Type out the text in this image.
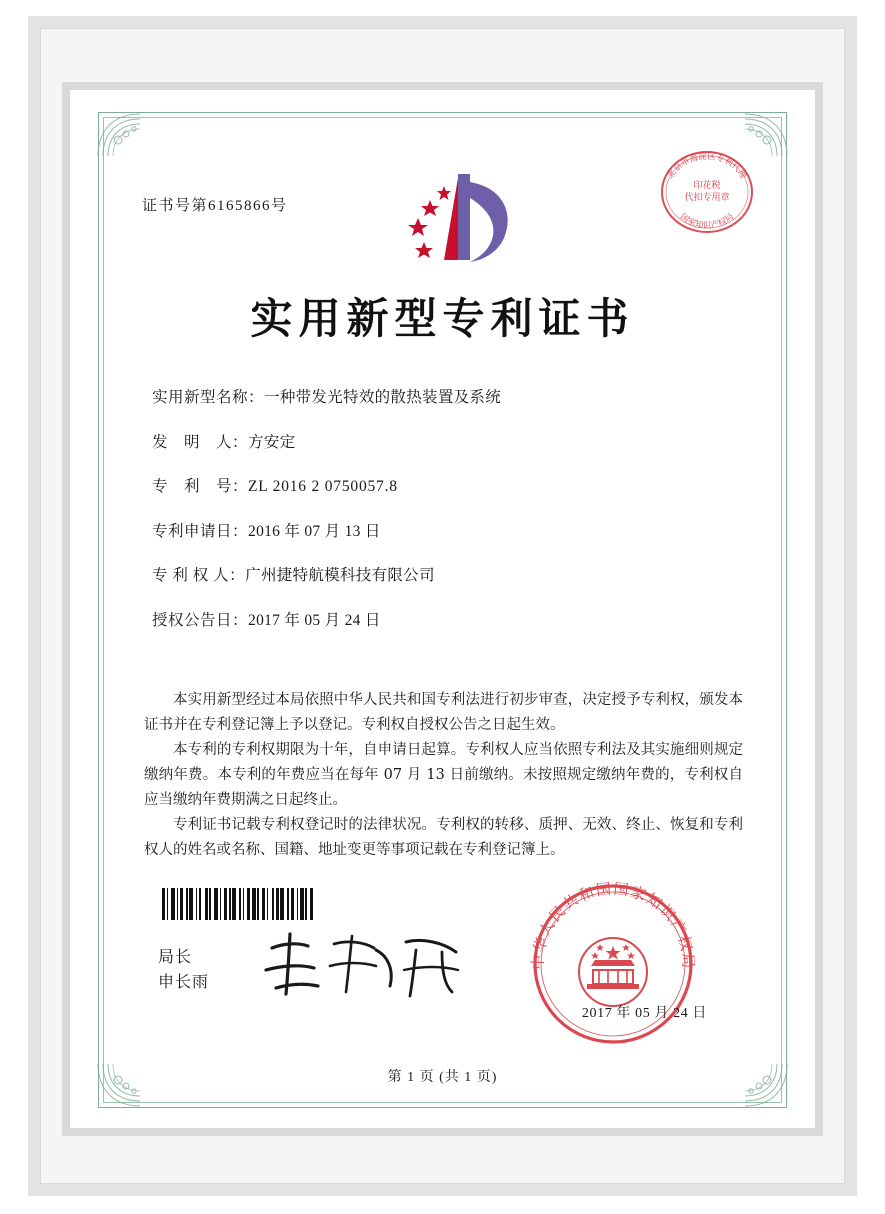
证书号第6165866号
北京市海淀区专利代理
国家知识产权局
印花税
代扣专用章
实用新型专利证书
实用新型名称：一种带发光特效的散热装置及系统
发　明　人：方安定
专　利　号：ZL 2016 2 0750057.8
专利申请日：2016 年 07 月 13 日
专 利 权 人：广州捷特航模科技有限公司
授权公告日：2017 年 05 月 24 日

本实用新型经过本局依照中华人民共和国专利法进行初步审查，决定授予专利权，颁发本证书并在专利登记簿上予以登记。专利权自授权公告之日起生效。

本专利的专利权期限为十年，自申请日起算。专利权人应当依照专利法及其实施细则规定缴纳年费。本专利的年费应当在每年 07 月 13 日前缴纳。未按照规定缴纳年费的，专利权自应当缴纳年费期满之日起终止。

专利证书记载专利权登记时的法律状况。专利权的转移、质押、无效、终止、恢复和专利权人的姓名或名称、国籍、地址变更等事项记载在专利登记簿上。

局长
申长雨
中华人民共和国国家知识产权局
2017 年 05 月 24 日
第 1 页 (共 1 页)
